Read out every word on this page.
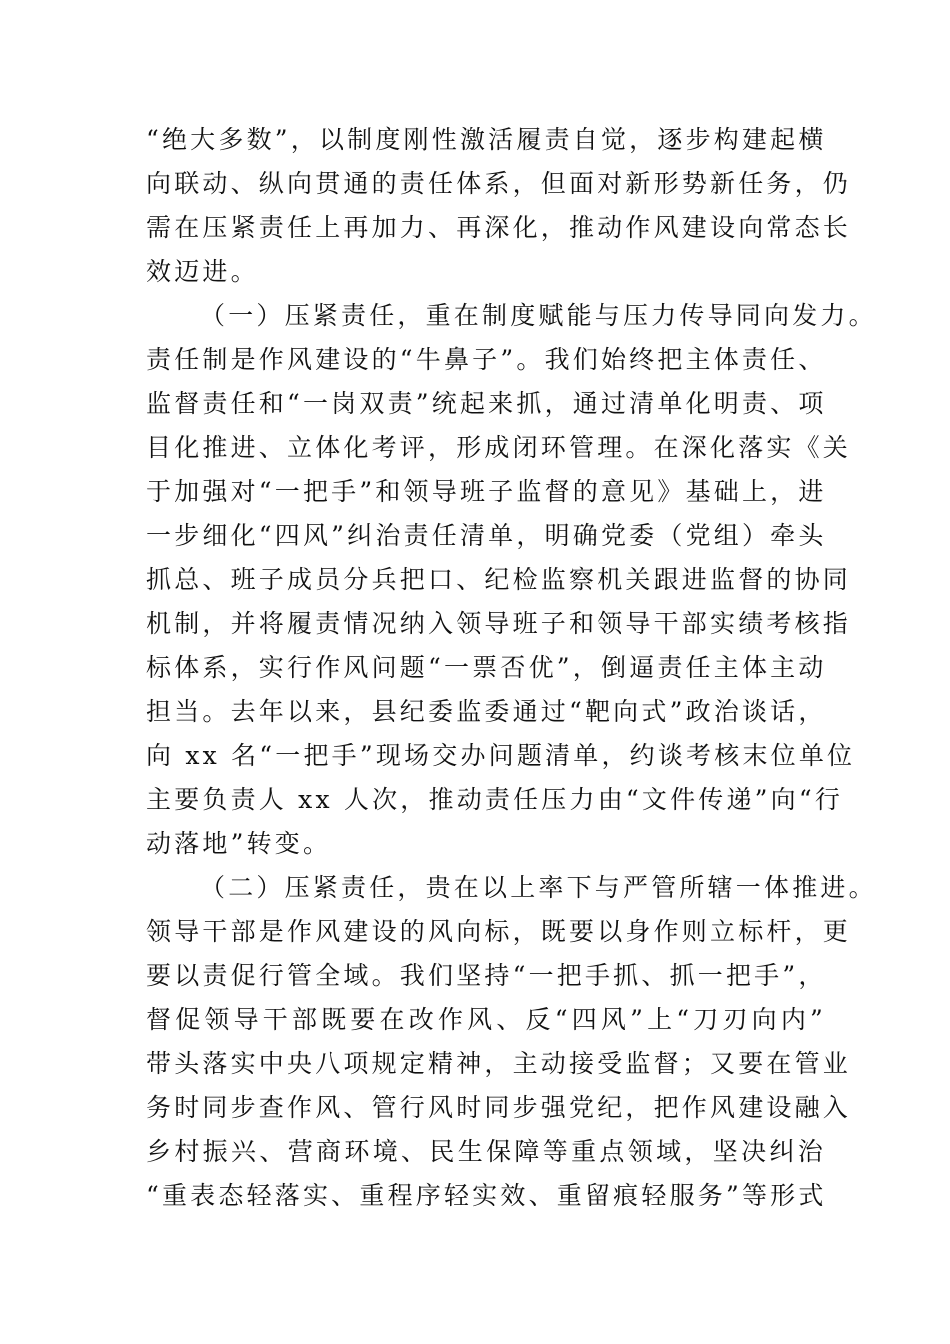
“绝大多数”，以制度刚性激活履责自觉，逐步构建起横
向联动、纵向贯通的责任体系，但面对新形势新任务，仍
需在压紧责任上再加力、再深化，推动作风建设向常态长
效迈进。
（一）压紧责任，重在制度赋能与压力传导同向发力。
责任制是作风建设的“牛鼻子”。我们始终把主体责任、
监督责任和“一岗双责”统起来抓，通过清单化明责、项
目化推进、立体化考评，形成闭环管理。在深化落实《关
于加强对“一把手”和领导班子监督的意见》基础上，进
一步细化“四风”纠治责任清单，明确党委（党组）牵头
抓总、班子成员分兵把口、纪检监察机关跟进监督的协同
机制，并将履责情况纳入领导班子和领导干部实绩考核指
标体系，实行作风问题“一票否优”，倒逼责任主体主动
担当。去年以来，县纪委监委通过“靶向式”政治谈话，
向 xx 名“一把手”现场交办问题清单，约谈考核末位单位
主要负责人 xx 人次，推动责任压力由“文件传递”向“行
动落地”转变。
（二）压紧责任，贵在以上率下与严管所辖一体推进。
领导干部是作风建设的风向标，既要以身作则立标杆，更
要以责促行管全域。我们坚持“一把手抓、抓一把手”，
督促领导干部既要在改作风、反“四风”上“刀刃向内”
带头落实中央八项规定精神，主动接受监督；又要在管业
务时同步查作风、管行风时同步强党纪，把作风建设融入
乡村振兴、营商环境、民生保障等重点领域，坚决纠治
“重表态轻落实、重程序轻实效、重留痕轻服务”等形式
